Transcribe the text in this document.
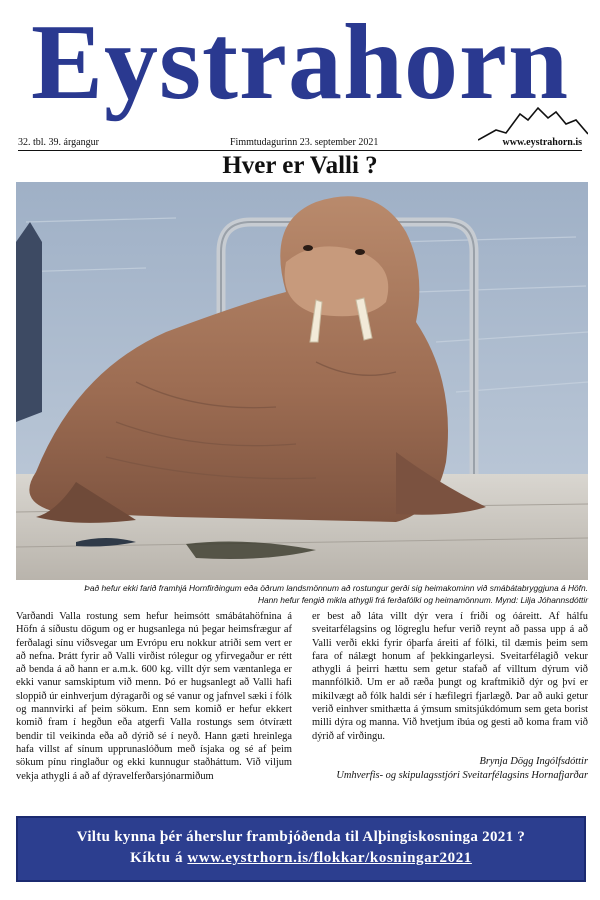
Eystrahorn
32. tbl. 39. árgangur	Fimmtudagurinn 23. september 2021	www.eystrahorn.is
Hver er Valli ?
Það hefur ekki farið framhjá Hornfirðingum eða öðrum landsmönnum að rostungur gerði sig heimakominn við smábátabryggjuna á Höfn.
Hann hefur fengið mikla athygli frá ferðafólki og heimamönnum. Mynd: Lilja Jóhannsdóttir

Varðandi Valla rostung sem hefur heimsótt smábátahöfnina á Höfn á síðustu dögum og er hugsanlega nú þegar heimsfrægur af ferðalagi sínu víðsvegar um Evrópu eru nokkur atriði sem vert er að nefna. Þrátt fyrir að Valli virðist rólegur og yfirvegaður er rétt að benda á að hann er a.m.k. 600 kg. villt dýr sem væntanlega er ekki vanur samskiptum við menn. Þó er hugsanlegt að Valli hafi sloppið úr einhverjum dýragarði og sé vanur og jafnvel sæki í fólk og mannvirki af þeim sökum. Enn sem komið er hefur ekkert komið fram í hegðun eða atgerfi Valla rostungs sem ótvírætt bendir til veikinda eða að dýrið sé í neyð. Hann gæti hreinlega hafa villst af sínum upprunaslóðum með ísjaka og sé af þeim sökum pínu ringlaður og ekki kunnugur staðháttum. Við viljum vekja athygli á að af dýravelferðarsjónarmiðum

er best að láta villt dýr vera í friði og óáreitt. Af hálfu sveitarfélagsins og lögreglu hefur verið reynt að passa upp á að Valli verði ekki fyrir óþarfa áreiti af fólki, til dæmis þeim sem fara of nálægt honum af þekkingarleysi. Sveitarfélagið vekur athygli á þeirri hættu sem getur stafað af villtum dýrum við mannfólkið. Um er að ræða þungt og kraftmikið dýr og því er mikilvægt að fólk haldi sér í hæfilegri fjarlægð. Þar að auki getur verið einhver smithætta á ýmsum smitsjúkdómum sem geta borist milli dýra og manna. Við hvetjum íbúa og gesti að koma fram við dýrið af virðingu.

Brynja Dögg Ingólfsdóttir
Umhverfis- og skipulagsstjóri Sveitarfélagsins Hornafjarðar
Viltu kynna þér áherslur frambjóðenda til Alþingiskosninga 2021 ?
Kíktu á www.eystrhorn.is/flokkar/kosningar2021
